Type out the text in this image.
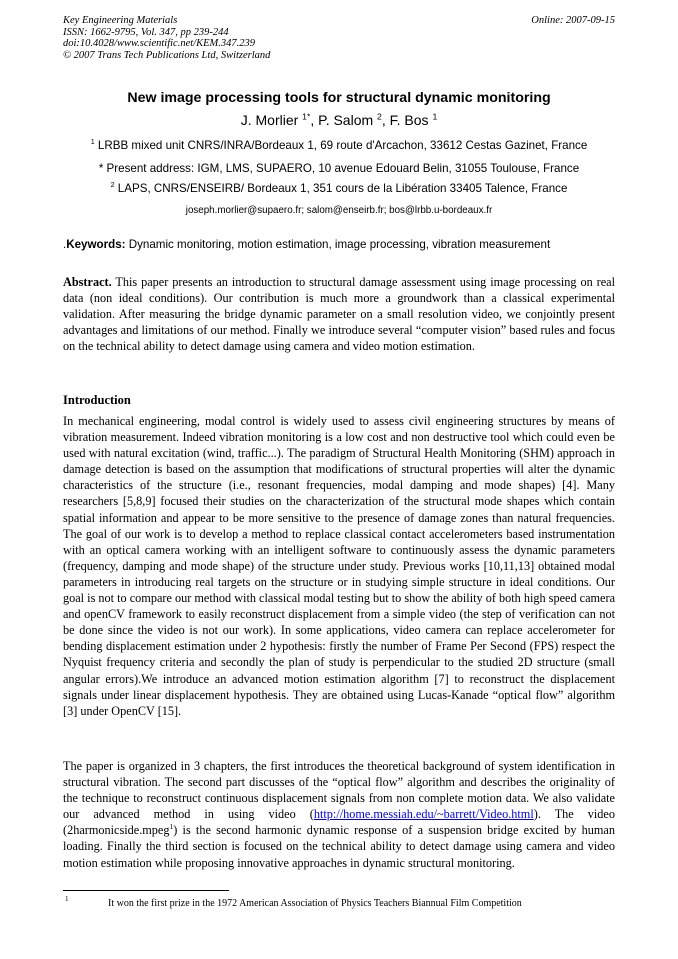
Key Engineering Materials
ISSN: 1662-9795, Vol. 347, pp 239-244
doi:10.4028/www.scientific.net/KEM.347.239
© 2007 Trans Tech Publications Ltd, Switzerland
Online: 2007-09-15
New image processing tools for structural dynamic monitoring
J. Morlier $^{1*}$, P. Salom $^2$, F. Bos $^1$
$^1$ LRBB mixed unit CNRS/INRA/Bordeaux 1, 69 route d'Arcachon, 33612 Cestas Gazinet, France
* Present address: IGM, LMS, SUPAERO, 10 avenue Edouard Belin, 31055 Toulouse, France
$^2$ LAPS, CNRS/ENSEIRB/ Bordeaux 1, 351 cours de la Libération 33405 Talence, France
joseph.morlier@supaero.fr; salom@enseirb.fr; bos@lrbb.u-bordeaux.fr
.Keywords: Dynamic monitoring, motion estimation, image processing, vibration measurement
Abstract. This paper presents an introduction to structural damage assessment using image processing on real data (non ideal conditions). Our contribution is much more a groundwork than a classical experimental validation. After measuring the bridge dynamic parameter on a small resolution video, we conjointly present advantages and limitations of our method. Finally we introduce several “computer vision” based rules and focus on the technical ability to detect damage using camera and video motion estimation.
Introduction
In mechanical engineering, modal control is widely used to assess civil engineering structures by means of vibration measurement. Indeed vibration monitoring is a low cost and non destructive tool which could even be used with natural excitation (wind, traffic...). The paradigm of Structural Health Monitoring (SHM) approach in damage detection is based on the assumption that modifications of structural properties will alter the dynamic characteristics of the structure (i.e., resonant frequencies, modal damping and mode shapes) [4]. Many researchers [5,8,9] focused their studies on the characterization of the structural mode shapes which contain spatial information and appear to be more sensitive to the presence of damage zones than natural frequencies. The goal of our work is to develop a method to replace classical contact accelerometers based instrumentation with an optical camera working with an intelligent software to continuously assess the dynamic parameters (frequency, damping and mode shape) of the structure under study. Previous works [10,11,13] obtained modal parameters in introducing real targets on the structure or in studying simple structure in ideal conditions. Our goal is not to compare our method with classical modal testing but to show the ability of both high speed camera and openCV framework to easily reconstruct displacement from a simple video (the step of verification can not be done since the video is not our work). In some applications, video camera can replace accelerometer for bending displacement estimation under 2 hypothesis: firstly the number of Frame Per Second (FPS) respect the Nyquist frequency criteria and secondly the plan of study is perpendicular to the studied 2D structure (small angular errors).We introduce an advanced motion estimation algorithm [7] to reconstruct the displacement signals under linear displacement hypothesis. They are obtained using Lucas-Kanade “optical flow” algorithm [3] under OpenCV [15].
The paper is organized in 3 chapters, the first introduces the theoretical background of system identification in structural vibration. The second part discusses of the “optical flow” algorithm and describes the originality of the technique to reconstruct continuous displacement signals from non complete motion data. We also validate our advanced method in using video (http://home.messiah.edu/~barrett/Video.html). The video (2harmonicside.mpeg$^1$) is the second harmonic dynamic response of a suspension bridge excited by human loading. Finally the third section is focused on the technical ability to detect damage using camera and video motion estimation while proposing innovative approaches in dynamic structural monitoring.
1	It won the first prize in the 1972 American Association of Physics Teachers Biannual Film Competition
